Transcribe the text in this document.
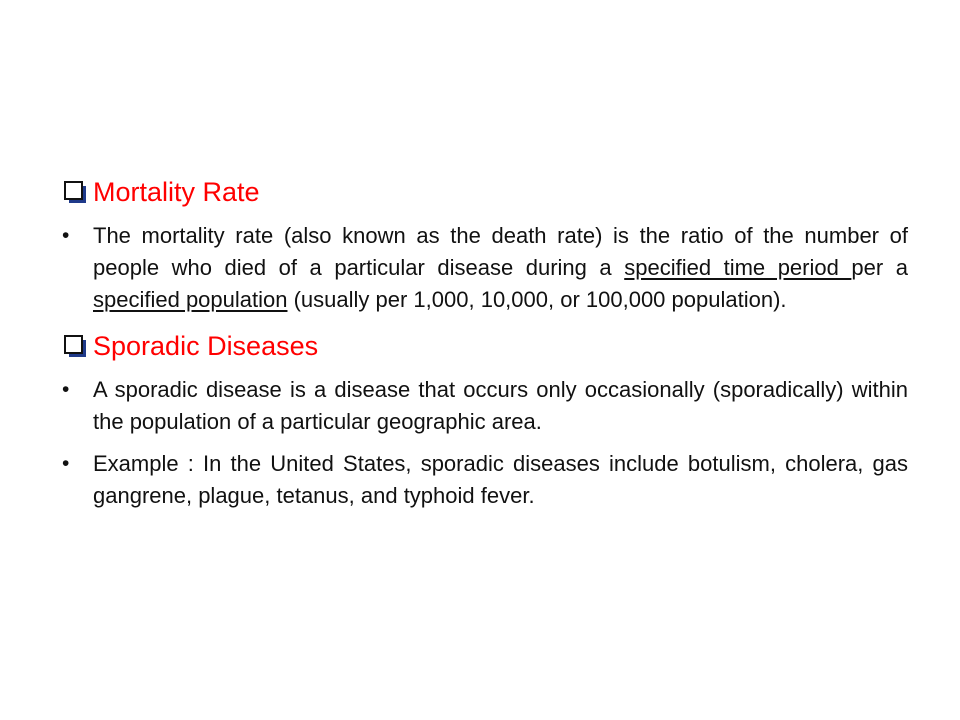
Mortality Rate
•	The mortality rate (also known as the death rate) is the ratio of the number of people who died of a particular disease during a specified time period per a specified population (usually per 1,000, 10,000, or 100,000 population).
Sporadic Diseases
•	A sporadic disease is a disease that occurs only occasionally (sporadically) within the population of a particular geographic area.
•	Example : In the United States, sporadic diseases include botulism, cholera, gas gangrene, plague, tetanus, and typhoid fever.
